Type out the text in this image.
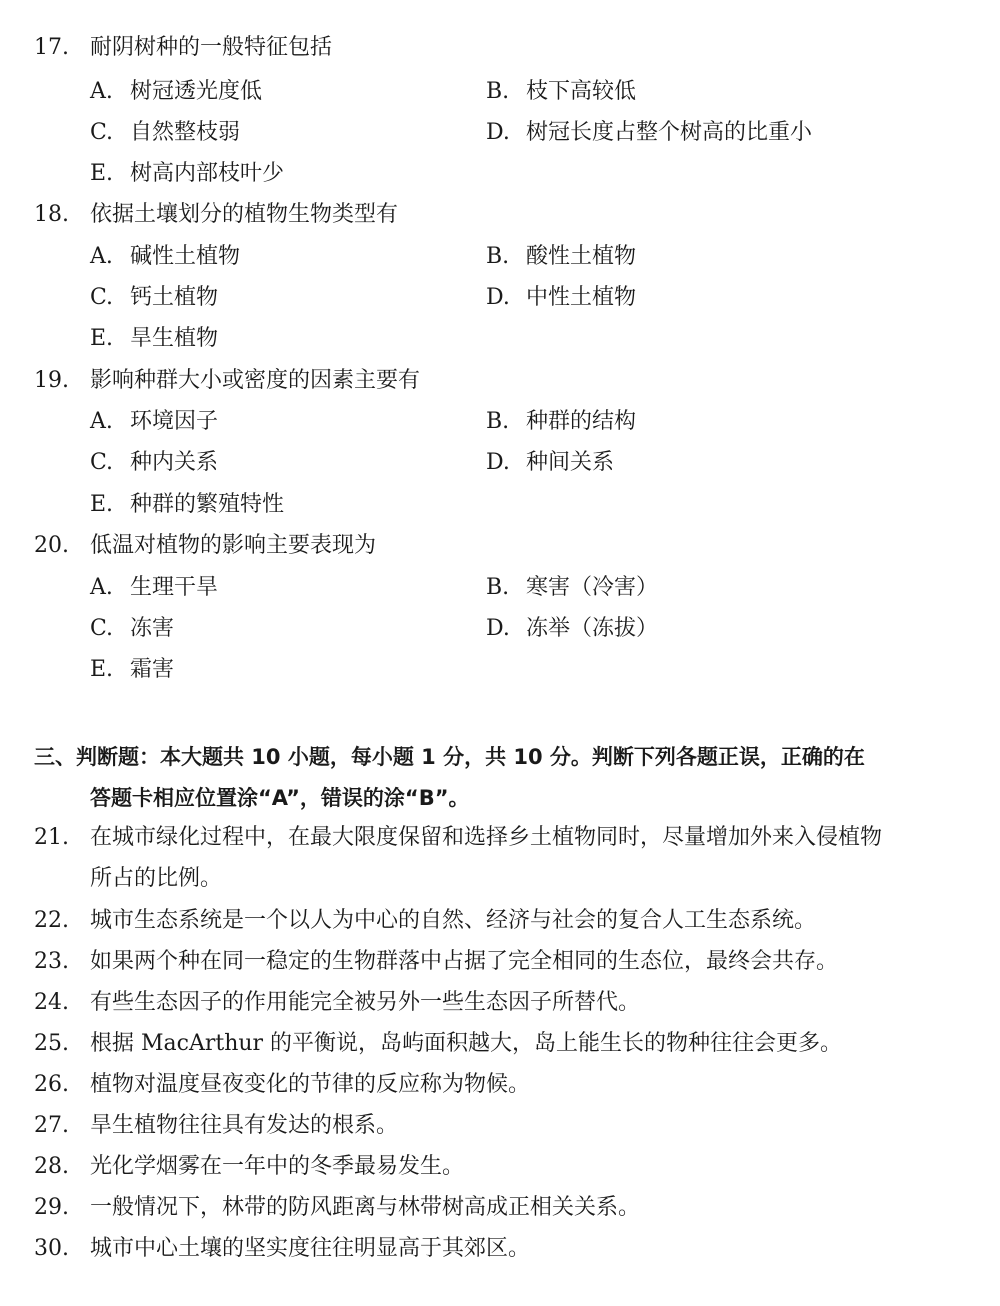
17. 耐阴树种的一般特征包括
A. 树冠透光度低	B. 枝下高较低
C. 自然整枝弱	D. 树冠长度占整个树高的比重小
E. 树高内部枝叶少
18. 依据土壤划分的植物生物类型有
A. 碱性土植物	B. 酸性土植物
C. 钙土植物	D. 中性土植物
E. 旱生植物
19. 影响种群大小或密度的因素主要有
A. 环境因子	B. 种群的结构
C. 种内关系	D. 种间关系
E. 种群的繁殖特性
20. 低温对植物的影响主要表现为
A. 生理干旱	B. 寒害（冷害）
C. 冻害	D. 冻举（冻拔）
E. 霜害
三、判断题：本大题共 10 小题，每小题 1 分，共 10 分。判断下列各题正误，正确的在
答题卡相应位置涂“A”，错误的涂“B”。
21. 在城市绿化过程中，在最大限度保留和选择乡土植物同时，尽量增加外来入侵植物
所占的比例。
22. 城市生态系统是一个以人为中心的自然、经济与社会的复合人工生态系统。
23. 如果两个种在同一稳定的生物群落中占据了完全相同的生态位，最终会共存。
24. 有些生态因子的作用能完全被另外一些生态因子所替代。
25. 根据 MacArthur 的平衡说，岛屿面积越大，岛上能生长的物种往往会更多。
26. 植物对温度昼夜变化的节律的反应称为物候。
27. 旱生植物往往具有发达的根系。
28. 光化学烟雾在一年中的冬季最易发生。
29. 一般情况下，林带的防风距离与林带树高成正相关关系。
30. 城市中心土壤的坚实度往往明显高于其郊区。
